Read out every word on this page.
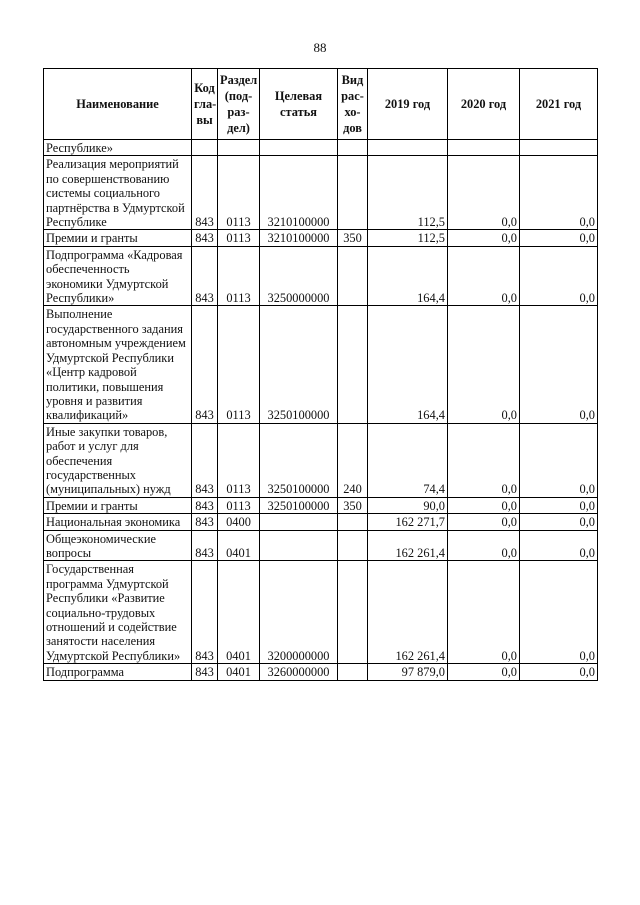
88
Наименование	Код
гла-
вы	Раздел
(под-
раз-
дел)	Целевая
статья	Вид
рас-
хо-
дов	2019 год	2020 год	2021 год
Республике»							
Реализация мероприятий по совершенствованию системы социального партнёрства в Удмуртской Республике	843	0113	3210100000		112,5	0,0	0,0
Премии и гранты	843	0113	3210100000	350	112,5	0,0	0,0
Подпрограмма «Кадровая обеспеченность экономики Удмуртской Республики»	843	0113	3250000000		164,4	0,0	0,0
Выполнение государственного задания автономным учреждением Удмуртской Республики «Центр кадровой политики, повышения уровня и развития квалификаций»	843	0113	3250100000		164,4	0,0	0,0
Иные закупки товаров, работ и услуг для обеспечения государственных (муниципальных) нужд	843	0113	3250100000	240	74,4	0,0	0,0
Премии и гранты	843	0113	3250100000	350	90,0	0,0	0,0
Национальная экономика	843	0400			162 271,7	0,0	0,0
Общеэкономические вопросы	843	0401			162 261,4	0,0	0,0
Государственная программа Удмуртской Республики «Развитие социально-трудовых отношений и содействие занятости населения Удмуртской Республики»	843	0401	3200000000		162 261,4	0,0	0,0
Подпрограмма	843	0401	3260000000		97 879,0	0,0	0,0
